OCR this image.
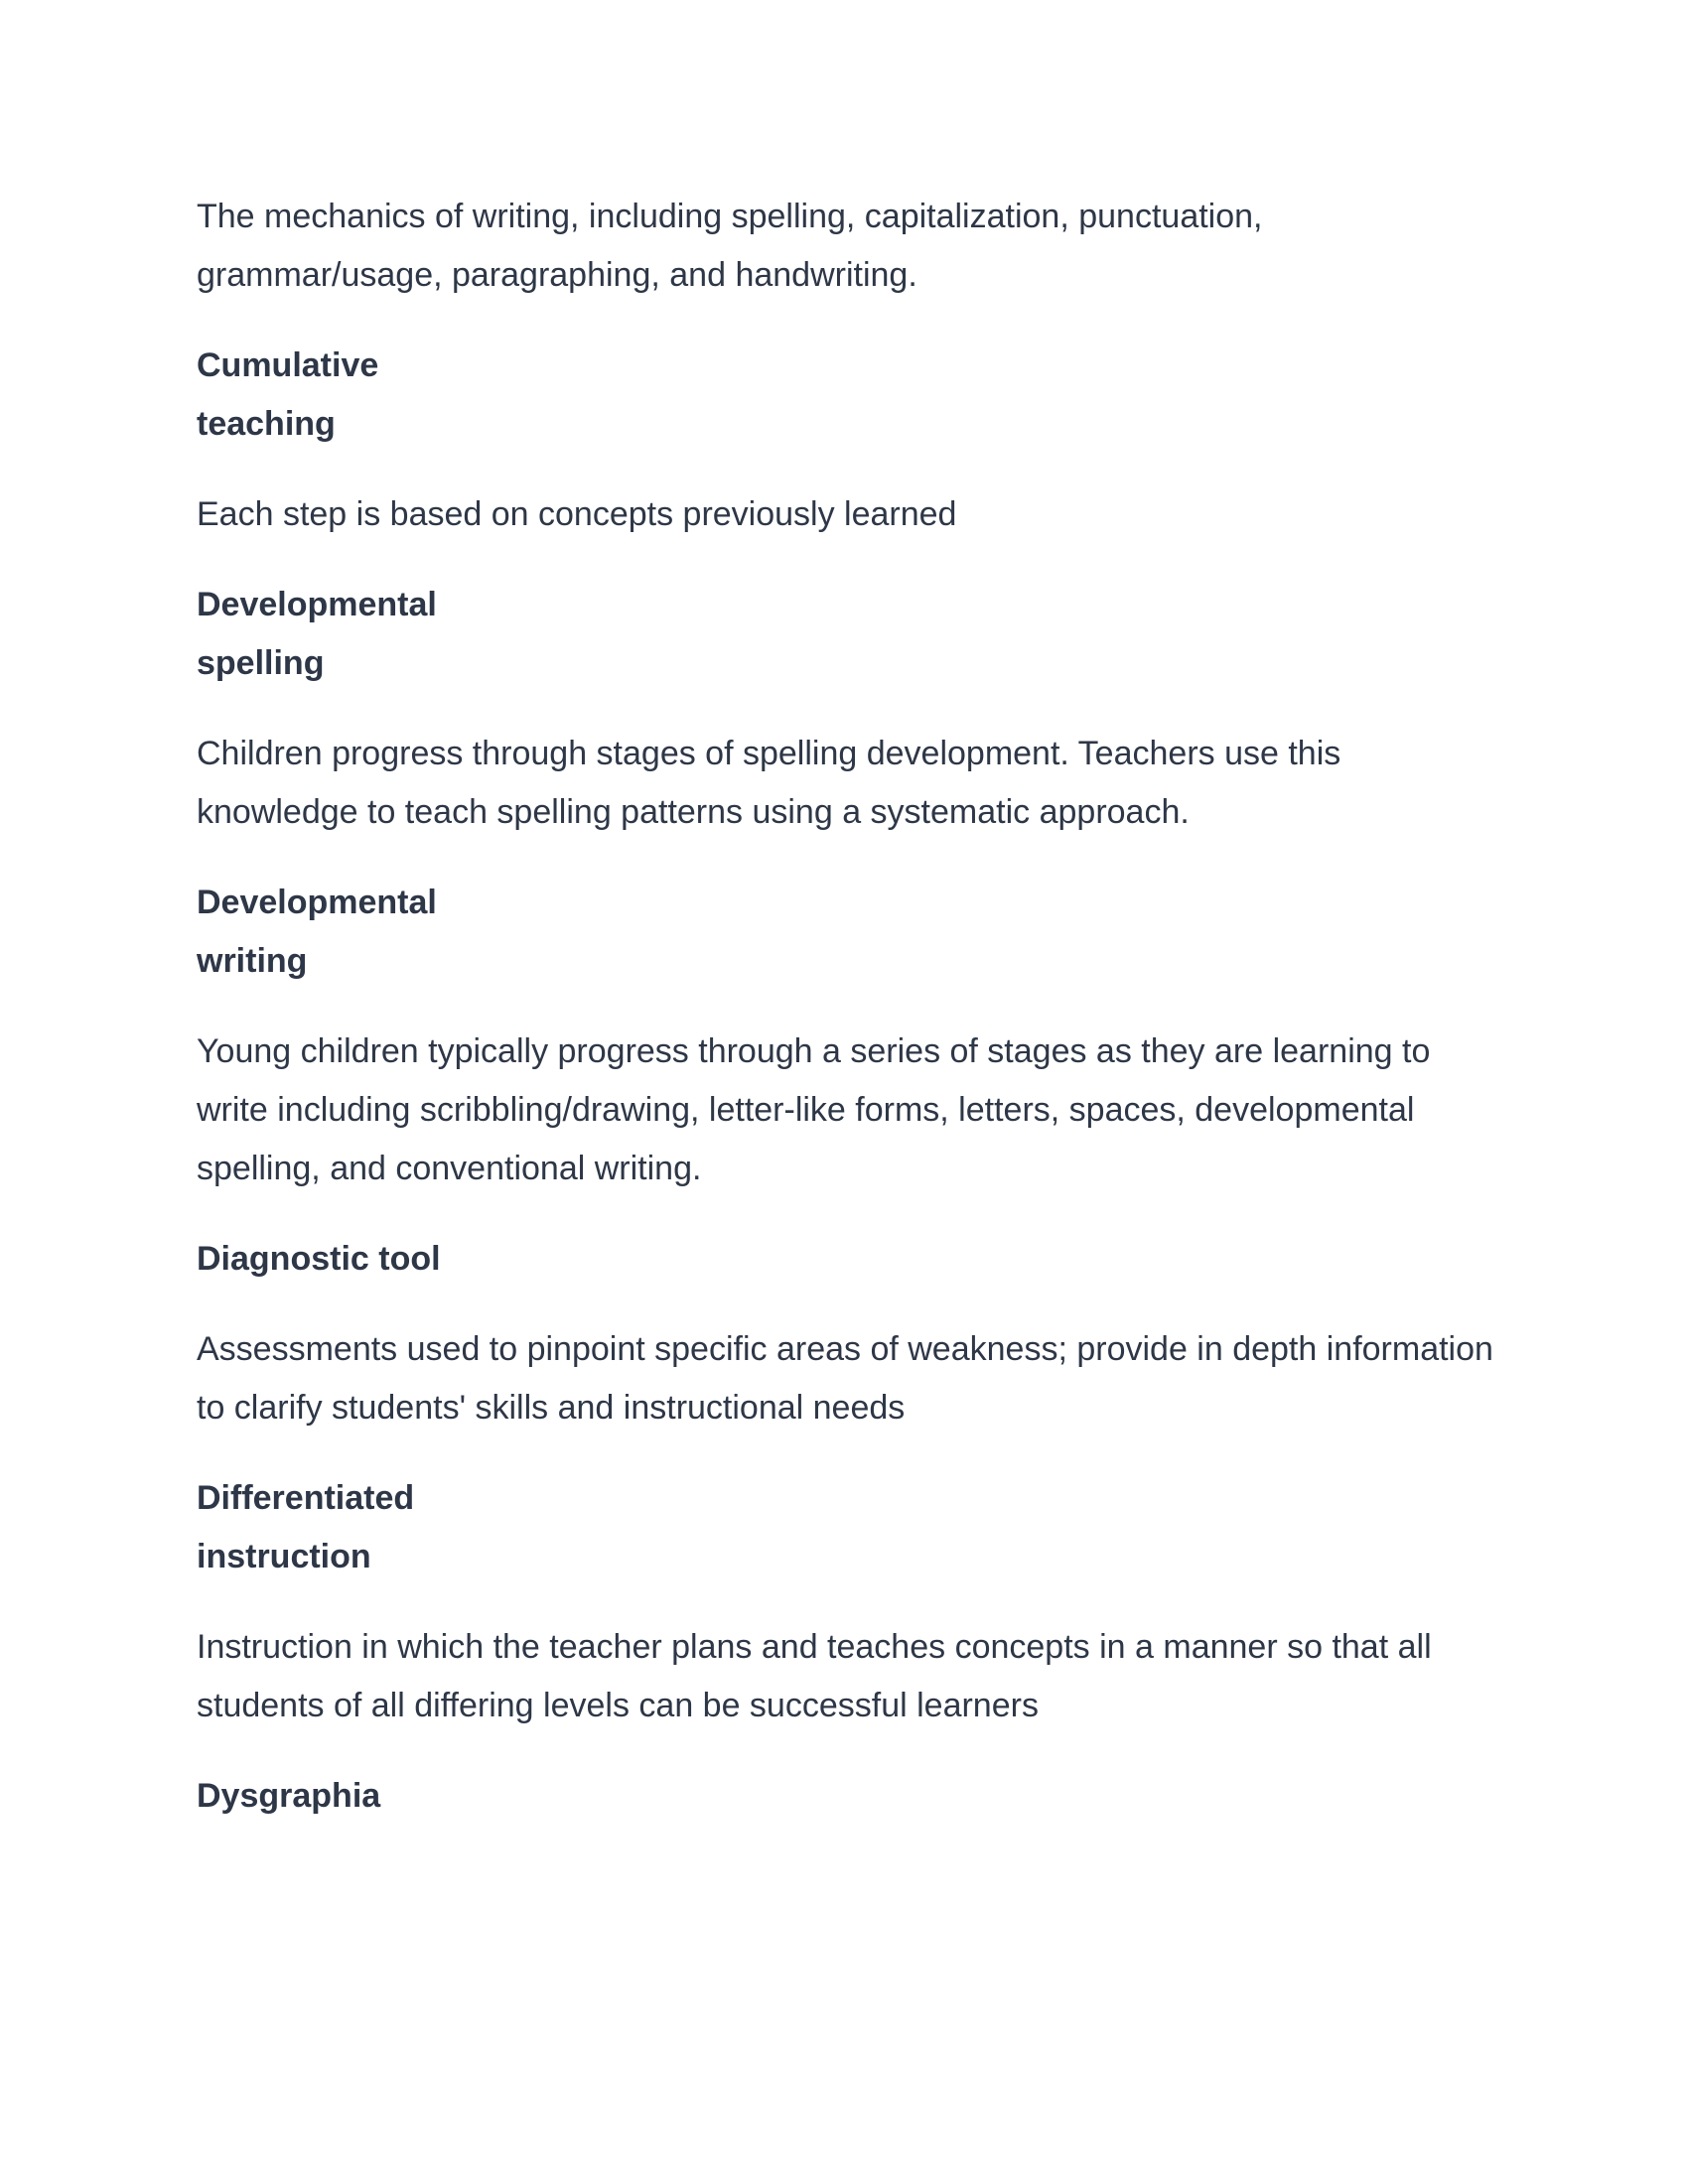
The mechanics of writing, including spelling, capitalization, punctuation,
grammar/usage, paragraphing, and handwriting.
Cumulative
teaching
Each step is based on concepts previously learned
Developmental
spelling
Children progress through stages of spelling development. Teachers use this
knowledge to teach spelling patterns using a systematic approach.
Developmental
writing
Young children typically progress through a series of stages as they are learning to
write including scribbling/drawing, letter-like forms, letters, spaces, developmental
spelling, and conventional writing.
Diagnostic tool
Assessments used to pinpoint specific areas of weakness; provide in depth information
to clarify students' skills and instructional needs
Differentiated
instruction
Instruction in which the teacher plans and teaches concepts in a manner so that all
students of all differing levels can be successful learners
Dysgraphia
